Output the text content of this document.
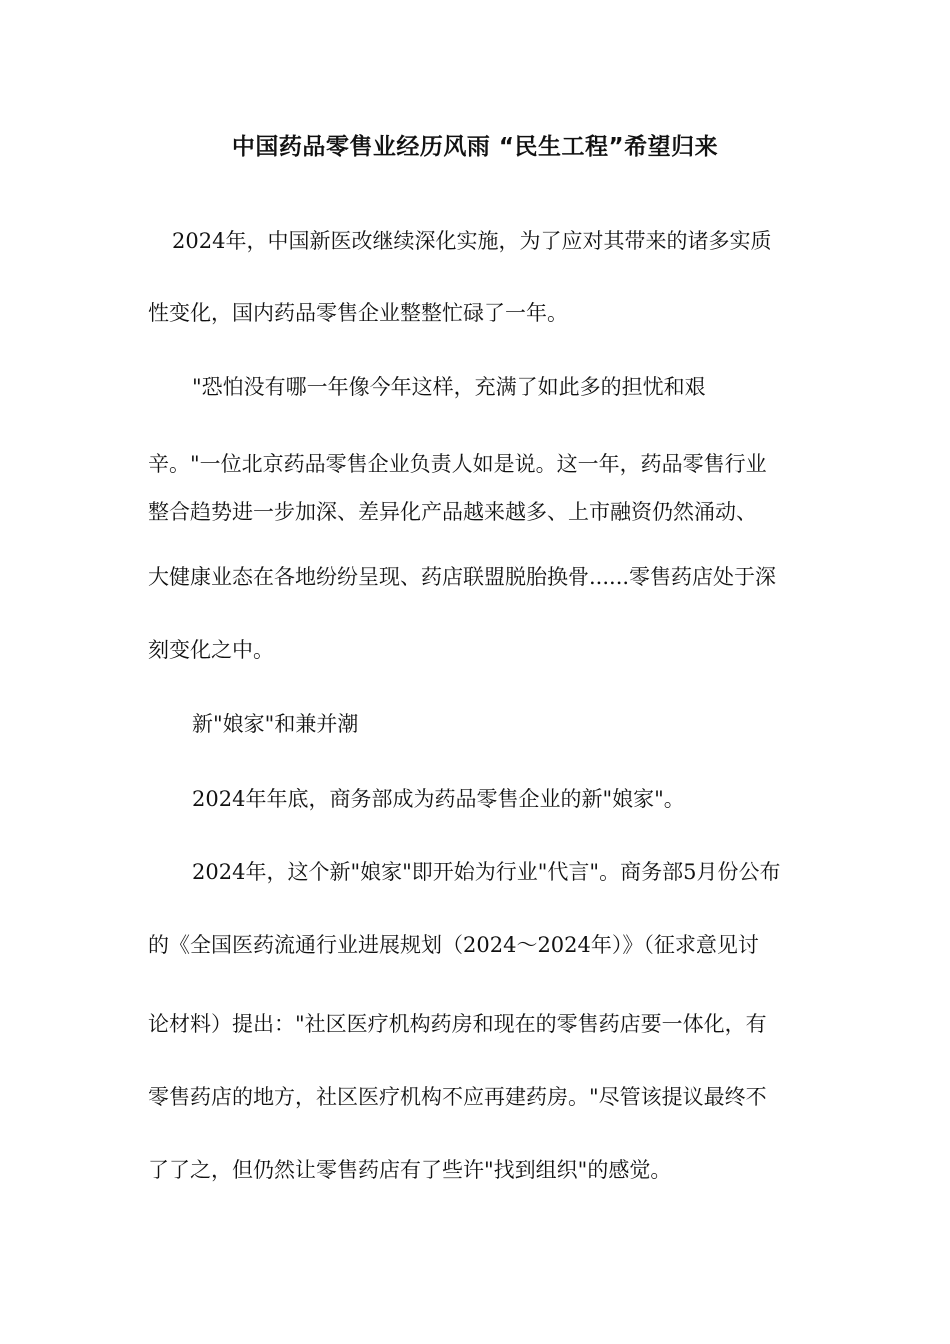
中国药品零售业经历风雨 “民生工程”希望归来
2024年，中国新医改继续深化实施，为了应对其带来的诸多实质
性变化，国内药品零售企业整整忙碌了一年。
"恐怕没有哪一年像今年这样，充满了如此多的担忧和艰
辛。"一位北京药品零售企业负责人如是说。这一年，药品零售行业
整合趋势进一步加深、差异化产品越来越多、上市融资仍然涌动、
大健康业态在各地纷纷呈现、药店联盟脱胎换骨......零售药店处于深
刻变化之中。
新"娘家"和兼并潮
2024年年底，商务部成为药品零售企业的新"娘家"。
2024年，这个新"娘家"即开始为行业"代言"。商务部5月份公布
的《全国医药流通行业进展规划（2024～2024年）》（征求意见讨
论材料）提出："社区医疗机构药房和现在的零售药店要一体化，有
零售药店的地方，社区医疗机构不应再建药房。"尽管该提议最终不
了了之，但仍然让零售药店有了些许"找到组织"的感觉。
